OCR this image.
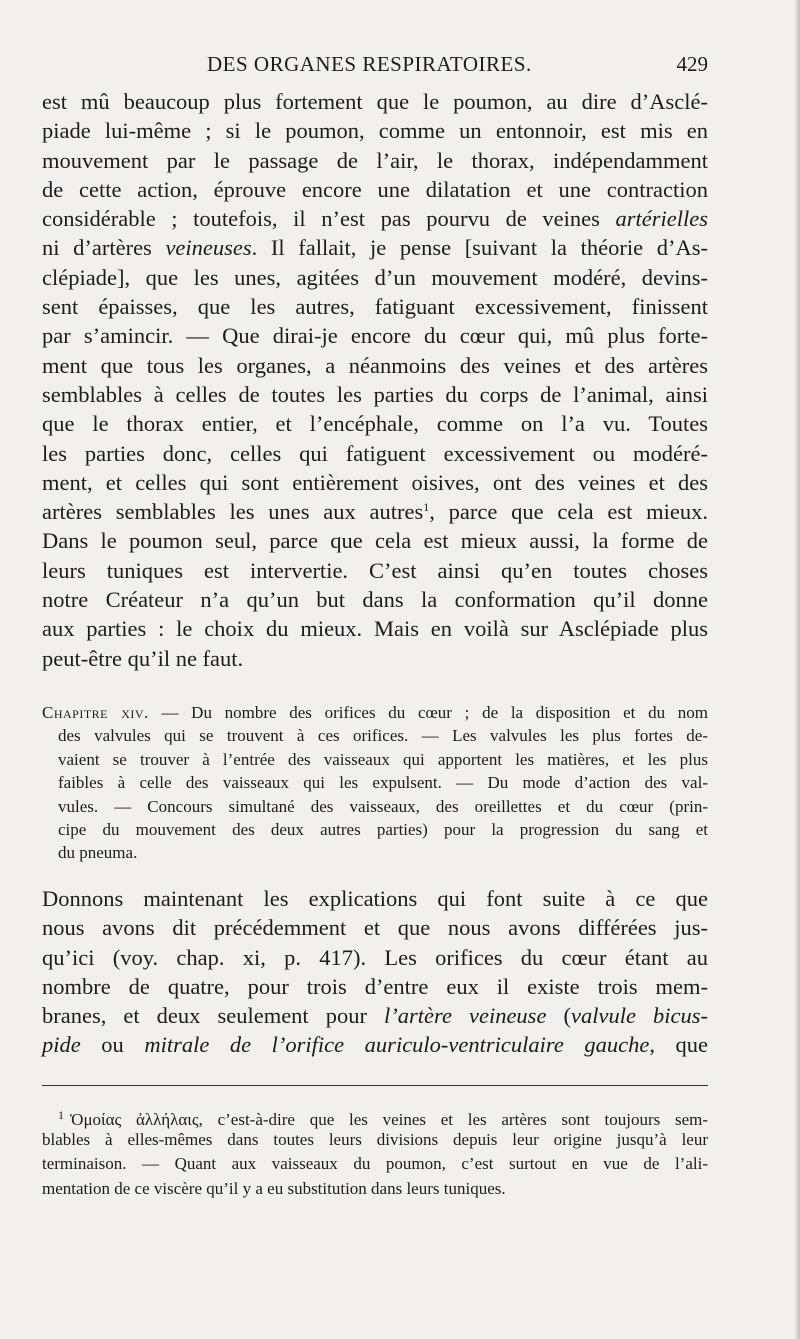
DES ORGANES RESPIRATOIRES.	429
est mû beaucoup plus fortement que le poumon, au dire d’Asclé-
piade lui-même ; si le poumon, comme un entonnoir, est mis en
mouvement par le passage de l’air, le thorax, indépendamment
de cette action, éprouve encore une dilatation et une contraction
considérable ; toutefois, il n’est pas pourvu de veines artérielles
ni d’artères veineuses. Il fallait, je pense [suivant la théorie d’As-
clépiade], que les unes, agitées d’un mouvement modéré, devins-
sent épaisses, que les autres, fatiguant excessivement, finissent
par s’amincir. — Que dirai-je encore du cœur qui, mû plus forte-
ment que tous les organes, a néanmoins des veines et des artères
semblables à celles de toutes les parties du corps de l’animal, ainsi
que le thorax entier, et l’encéphale, comme on l’a vu. Toutes
les parties donc, celles qui fatiguent excessivement ou modéré-
ment, et celles qui sont entièrement oisives, ont des veines et des
artères semblables les unes aux autres$^1$, parce que cela est mieux.
Dans le poumon seul, parce que cela est mieux aussi, la forme de
leurs tuniques est intervertie. C’est ainsi qu’en toutes choses
notre Créateur n’a qu’un but dans la conformation qu’il donne
aux parties : le choix du mieux. Mais en voilà sur Asclépiade plus
peut-être qu’il ne faut.
Chapitre xiv. — Du nombre des orifices du cœur ; de la disposition et du nom
des valvules qui se trouvent à ces orifices. — Les valvules les plus fortes de-
vaient se trouver à l’entrée des vaisseaux qui apportent les matières, et les plus
faibles à celle des vaisseaux qui les expulsent. — Du mode d’action des val-
vules. — Concours simultané des vaisseaux, des oreillettes et du cœur (prin-
cipe du mouvement des deux autres parties) pour la progression du sang et
du pneuma.
Donnons maintenant les explications qui font suite à ce que
nous avons dit précédemment et que nous avons différées jus-
qu’ici (voy. chap. xi, p. 417). Les orifices du cœur étant au
nombre de quatre, pour trois d’entre eux il existe trois mem-
branes, et deux seulement pour l’artère veineuse (valvule bicus-
pide ou mitrale de l’orifice auriculo-ventriculaire gauche, que
$^1$ Ὁμοίας ἀλλήλαις, c’est-à-dire que les veines et les artères sont toujours sem-
blables à elles-mêmes dans toutes leurs divisions depuis leur origine jusqu’à leur
terminaison. — Quant aux vaisseaux du poumon, c’est surtout en vue de l’ali-
mentation de ce viscère qu’il y a eu substitution dans leurs tuniques.
